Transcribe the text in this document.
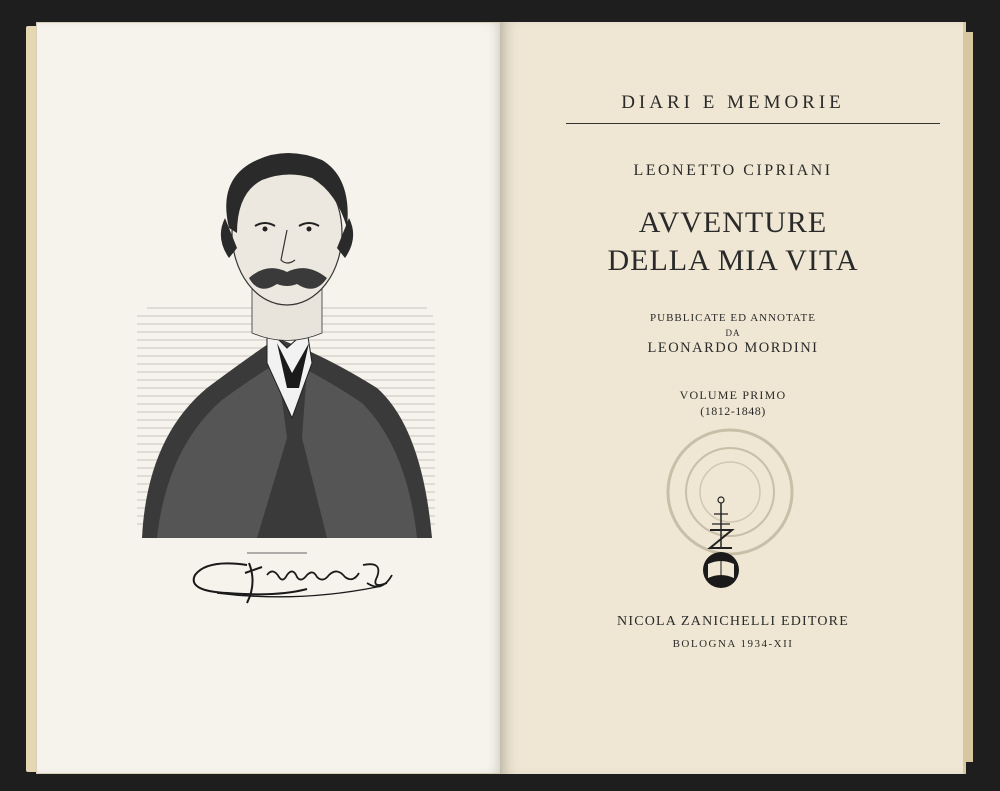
DIARI E MEMORIE
LEONETTO CIPRIANI
AVVENTURE
DELLA MIA VITA
PUBBLICATE ED ANNOTATE
DA
LEONARDO MORDINI
VOLUME PRIMO
(1812-1848)
NICOLA ZANICHELLI EDITORE
BOLOGNA 1934-XII
